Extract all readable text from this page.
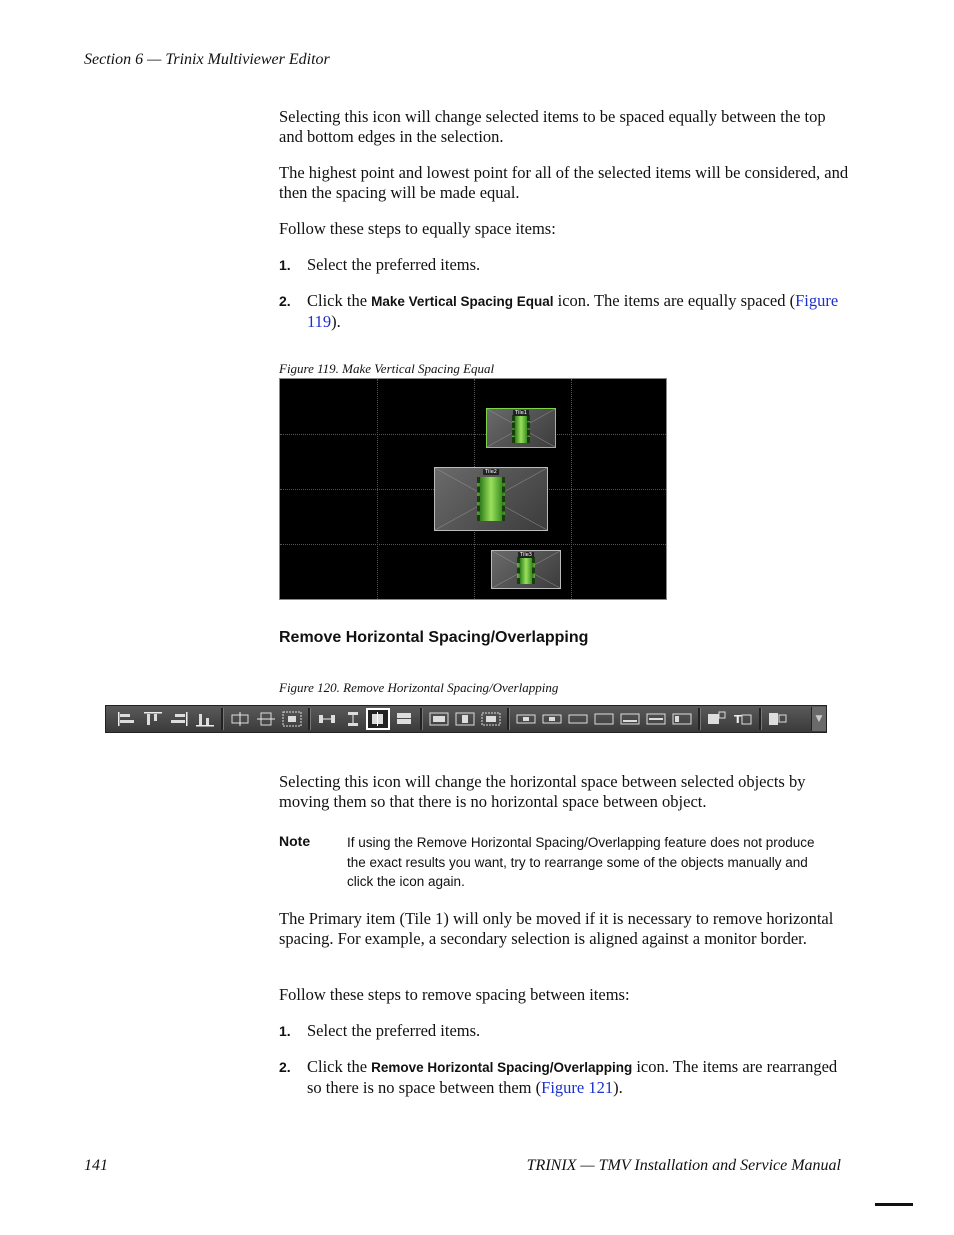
Section 6 — Trinix Multiviewer Editor
Selecting this icon will change selected items to be spaced equally between the top and bottom edges in the selection.
The highest point and lowest point for all of the selected items will be considered, and then the spacing will be made equal.
Follow these steps to equally space items:
1. Select the preferred items.
2. Click the Make Vertical Spacing Equal icon. The items are equally spaced (Figure 119).
Figure 119. Make Vertical Spacing Equal
Tile1
Tile2
Tile3
Remove Horizontal Spacing/Overlapping
Figure 120. Remove Horizontal Spacing/Overlapping
T	▼
Selecting this icon will change the horizontal space between selected objects by moving them so that there is no horizontal space between object.
Note	If using the Remove Horizontal Spacing/Overlapping feature does not produce the exact results you want, try to rearrange some of the objects manually and click the icon again.
The Primary item (Tile 1) will only be moved if it is necessary to remove horizontal spacing. For example, a secondary selection is aligned against a monitor border.
Follow these steps to remove spacing between items:
1. Select the preferred items.
2. Click the Remove Horizontal Spacing/Overlapping icon. The items are rearranged so there is no space between them (Figure 121).
141	TRINIX — TMV Installation and Service Manual
